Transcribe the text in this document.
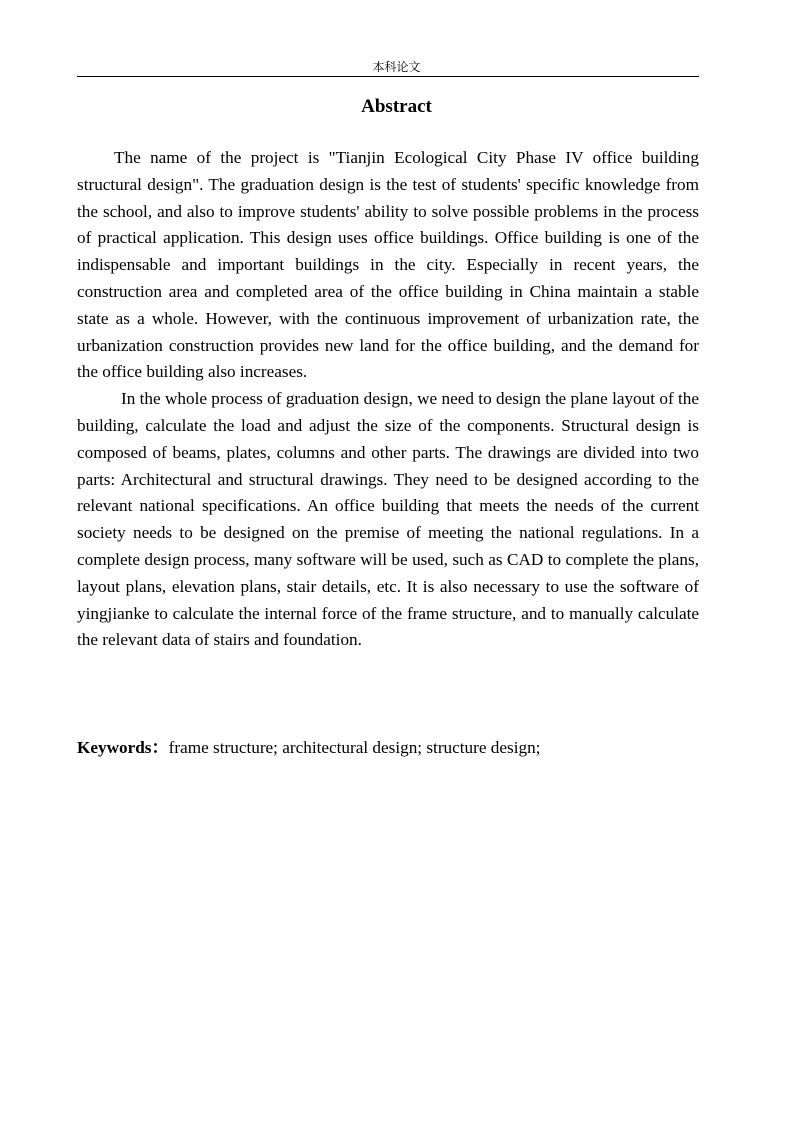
本科论文
Abstract

The name of the project is "Tianjin Ecological City Phase IV office building structural design". The graduation design is the test of students' specific knowledge from the school, and also to improve students' ability to solve possible problems in the process of practical application. This design uses office buildings. Office building is one of the indispensable and important buildings in the city. Especially in recent years, the construction area and completed area of the office building in China maintain a stable state as a whole. However, with the continuous improvement of urbanization rate, the urbanization construction provides new land for the office building, and the demand for the office building also increases.

In the whole process of graduation design, we need to design the plane layout of the building, calculate the load and adjust the size of the components. Structural design is composed of beams, plates, columns and other parts. The drawings are divided into two parts: Architectural and structural drawings. They need to be designed according to the relevant national specifications. An office building that meets the needs of the current society needs to be designed on the premise of meeting the national regulations. In a complete design process, many software will be used, such as CAD to complete the plans, layout plans, elevation plans, stair details, etc. It is also necessary to use the software of yingjianke to calculate the internal force of the frame structure, and to manually calculate the relevant data of stairs and foundation.

Keywords：frame structure; architectural design; structure design;
